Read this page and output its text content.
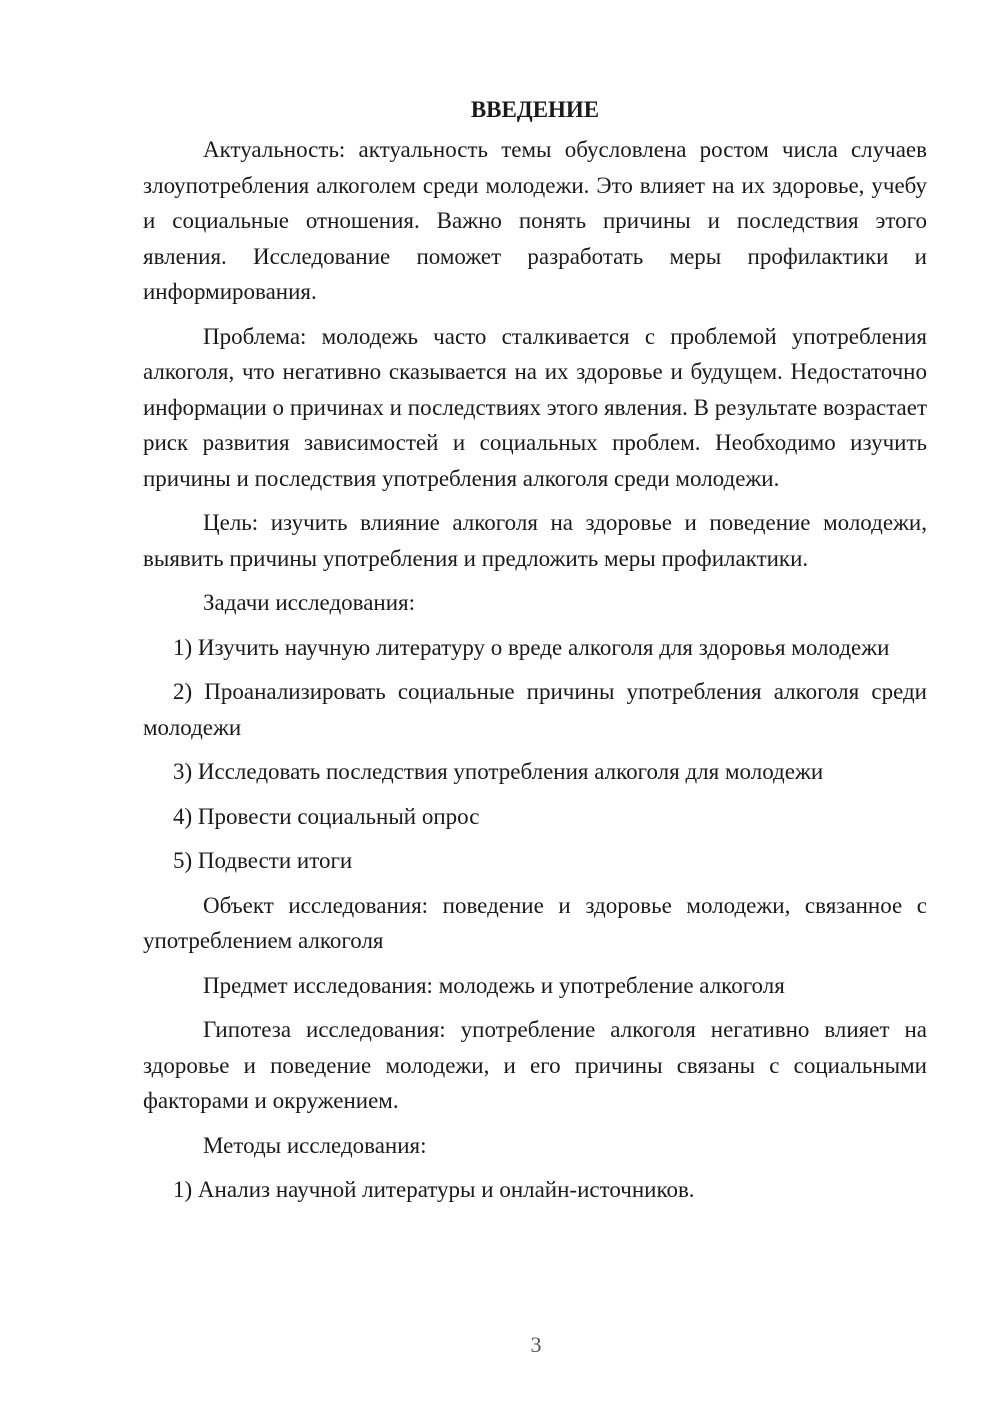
ВВЕДЕНИЕ

Актуальность: актуальность темы обусловлена ростом числа случаев злоупотребления алкоголем среди молодежи. Это влияет на их здоровье, учебу и социальные отношения. Важно понять причины и последствия этого явления. Исследование поможет разработать меры профилактики и информирования.

Проблема: молодежь часто сталкивается с проблемой употребления алкоголя, что негативно сказывается на их здоровье и будущем. Недостаточно информации о причинах и последствиях этого явления. В результате возрастает риск развития зависимостей и социальных проблем. Необходимо изучить причины и последствия употребления алкоголя среди молодежи.

Цель: изучить влияние алкоголя на здоровье и поведение молодежи, выявить причины употребления и предложить меры профилактики.

Задачи исследования:

1) Изучить научную литературу о вреде алкоголя для здоровья молодежи

2) Проанализировать социальные причины употребления алкоголя среди молодежи

3) Исследовать последствия употребления алкоголя для молодежи

4) Провести социальный опрос

5) Подвести итоги

Объект исследования: поведение и здоровье молодежи, связанное с употреблением алкоголя

Предмет исследования: молодежь и употребление алкоголя

Гипотеза исследования: употребление алкоголя негативно влияет на здоровье и поведение молодежи, и его причины связаны с социальными факторами и окружением.

Методы исследования:

1) Анализ научной литературы и онлайн-источников.

3
